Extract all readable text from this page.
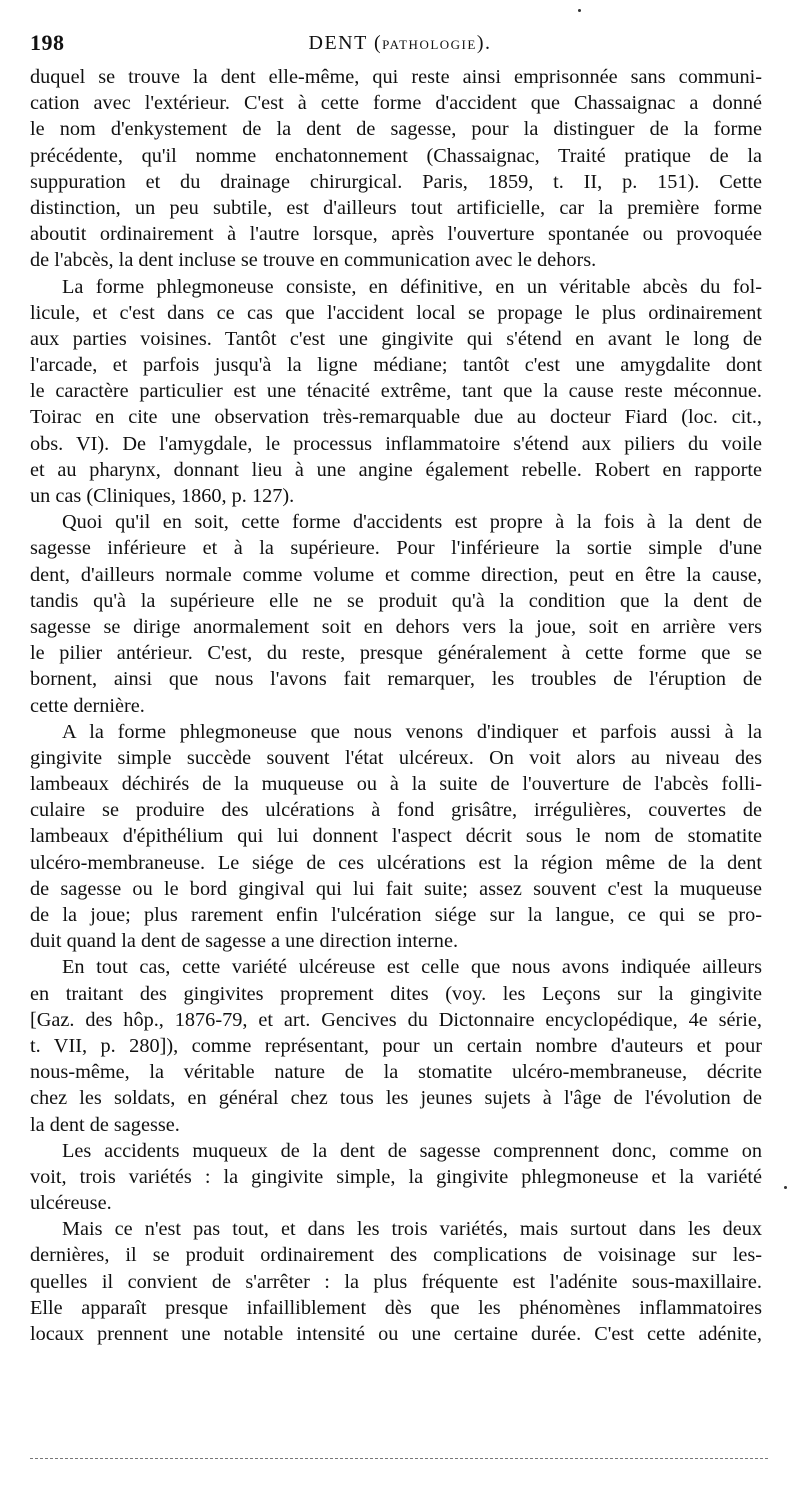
198	DENT (PATHOLOGIE).
duquel se trouve la dent elle-même, qui reste ainsi emprisonnée sans communi-
cation avec l'extérieur. C'est à cette forme d'accident que Chassaignac a donné
le nom d'enkystement de la dent de sagesse, pour la distinguer de la forme
précédente, qu'il nomme enchatonnement (Chassaignac, Traité pratique de la
suppuration et du drainage chirurgical. Paris, 1859, t. II, p. 151). Cette
distinction, un peu subtile, est d'ailleurs tout artificielle, car la première forme
aboutit ordinairement à l'autre lorsque, après l'ouverture spontanée ou provoquée
de l'abcès, la dent incluse se trouve en communication avec le dehors.
La forme phlegmoneuse consiste, en définitive, en un véritable abcès du fol-
licule, et c'est dans ce cas que l'accident local se propage le plus ordinairement
aux parties voisines. Tantôt c'est une gingivite qui s'étend en avant le long de
l'arcade, et parfois jusqu'à la ligne médiane; tantôt c'est une amygdalite dont
le caractère particulier est une ténacité extrême, tant que la cause reste méconnue.
Toirac en cite une observation très-remarquable due au docteur Fiard (loc. cit.,
obs. VI). De l'amygdale, le processus inflammatoire s'étend aux piliers du voile
et au pharynx, donnant lieu à une angine également rebelle. Robert en rapporte
un cas (Cliniques, 1860, p. 127).
Quoi qu'il en soit, cette forme d'accidents est propre à la fois à la dent de
sagesse inférieure et à la supérieure. Pour l'inférieure la sortie simple d'une
dent, d'ailleurs normale comme volume et comme direction, peut en être la cause,
tandis qu'à la supérieure elle ne se produit qu'à la condition que la dent de
sagesse se dirige anormalement soit en dehors vers la joue, soit en arrière vers
le pilier antérieur. C'est, du reste, presque généralement à cette forme que se
bornent, ainsi que nous l'avons fait remarquer, les troubles de l'éruption de
cette dernière.
A la forme phlegmoneuse que nous venons d'indiquer et parfois aussi à la
gingivite simple succède souvent l'état ulcéreux. On voit alors au niveau des
lambeaux déchirés de la muqueuse ou à la suite de l'ouverture de l'abcès folli-
culaire se produire des ulcérations à fond grisâtre, irrégulières, couvertes de
lambeaux d'épithélium qui lui donnent l'aspect décrit sous le nom de stomatite
ulcéro-membraneuse. Le siége de ces ulcérations est la région même de la dent
de sagesse ou le bord gingival qui lui fait suite; assez souvent c'est la muqueuse
de la joue; plus rarement enfin l'ulcération siége sur la langue, ce qui se pro-
duit quand la dent de sagesse a une direction interne.
En tout cas, cette variété ulcéreuse est celle que nous avons indiquée ailleurs
en traitant des gingivites proprement dites (voy. les Leçons sur la gingivite
[Gaz. des hôp., 1876-79, et art. Gencives du Dictonnaire encyclopédique, 4e série,
t. VII, p. 280]), comme représentant, pour un certain nombre d'auteurs et pour
nous-même, la véritable nature de la stomatite ulcéro-membraneuse, décrite
chez les soldats, en général chez tous les jeunes sujets à l'âge de l'évolution de
la dent de sagesse.
Les accidents muqueux de la dent de sagesse comprennent donc, comme on
voit, trois variétés : la gingivite simple, la gingivite phlegmoneuse et la variété
ulcéreuse.
Mais ce n'est pas tout, et dans les trois variétés, mais surtout dans les deux
dernières, il se produit ordinairement des complications de voisinage sur les-
quelles il convient de s'arrêter : la plus fréquente est l'adénite sous-maxillaire.
Elle apparaît presque infailliblement dès que les phénomènes inflammatoires
locaux prennent une notable intensité ou une certaine durée. C'est cette adénite,
